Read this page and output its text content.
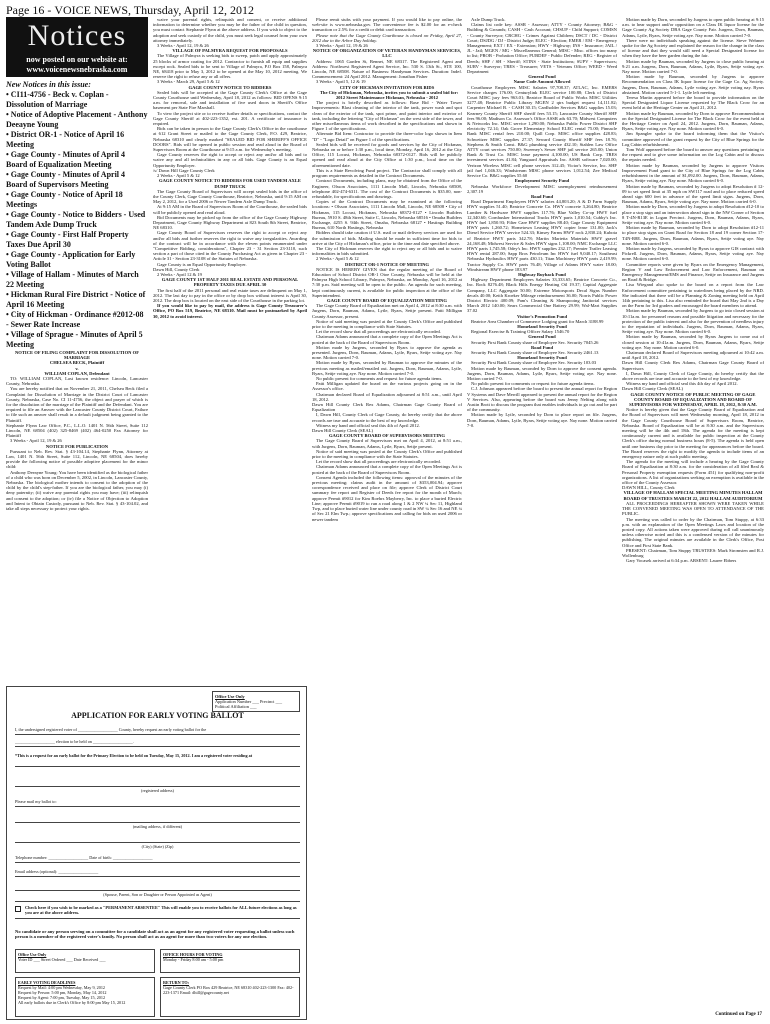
Page 16 - VOICE NEWS, Thursday, April 12, 2012
Notices
now posted on our website at:
www.voicenewsnebraska.com
New Notices in this issue:
• CI11-4756 - Beck v. Coplan - Dissolution of Marriage
• Notice of Adoptive Placement - Anthony Deeayne Young
• District OR-1 - Notice of April 16 Meeting
• Gage County - Minutes of April 4 Board of Equalization Meeting
• Gage County - Minutes of April 4 Board of Supervisors Meeting
• Gage County - Notice of April 18 Meetings
• Gage County - Notice to Bidders - Used Tandem Axle Dump Truck
• Gage County - First Half Property Taxes Due April 30
• Gage County - Application for Early Voting Ballot
• Village of Hallam - Minutes of March 22 Meeting
• Hickman Rural Fire District - Notice of April 16 Meeting
• City of Hickman - Ordinance #2012-08 - Sewer Rate Increase
• Village of Sprague - Minutes of April 5 Meeting

NOTICE OF FILING COMPLAINT FOR DISSOLUTION OF MARRIAGE

CHELSEA BECK, Plaintiff

v.

WILLIAM COPLAN, Defendant

TO: WILLIAM COPLAN, Last known residence: Lincoln, Lancaster County, Nebraska.

You are hereby notified that on November 21, 2011, Chelsea Beck filed a Complaint for Dissolution of Marriage in the District Court of Lancaster County, Nebraska, Case No. CI 11-4756, the object and prayer of which is for the dissolution of the marriage of the Plaintiff and the Defendant. You are required to file an Answer with the Lancaster County District Court, Failure to file such an answer shall result in a default judgment being granted to the Plaintiff.

Stephanie Flynn Law Office, P.C., L.L.O. 1401 N. 56th Street, Suite 112 Lincoln, NE 68504 (402) 325-8469 (402) 464-0250 Fax Attorney for Plaintiff

3 Weeks - April 12, 19 & 26

NOTICE FOR PUBLICATION

Pursuant to Neb. Rev. Stat. § 43-104.14, Stephanie Flynn, Attorney at Law, 1401 N. 56th Street, Suite 112, Lincoln, NE 68504, does hereby provide the following notice of possible adoptive placement for the minor child:

Anthony Deeayne Young: You have been identified as the biological father of a child who was born on December 5, 2002, in Lincoln, Lancaster County, Nebraska. The biological mother intends to consent to the adoption of the child by the child's step-father. If you are the biological father, you may (i) deny paternity; (ii) waive any parental rights you may have; (iii) relinquish and consent to the adoption; or (iv) file a Notice of Objection to Adoption and Intent to Obtain Custody, pursuant to Neb. Rev. Stat. § 43-104.02, and take all steps necessary to protect your rights.

waive your parental rights, relinquish and consent, or receive additional information to determine whether you may be the father of the child in question, you must contact Stephanie Flynn at the above address. If you wish to object to the adoption and seek custody of the child, you must seek legal counsel from your own attorney immediately.

3 Weeks - April 12, 19 & 26

VILLAGE OF PALMYRA REQUEST FOR PROPOSALS

The Village of Palmyra is seeking bids to sweep, patch and apply approximately 25 blocks of armor coating for 2012. Contractor to furnish all equip and supplies except rock. Sealed bids to be sent to Village of Palmyra, P.O Box 158, Palmyra NE, 68418 prior to May 3, 2012 to be opened at the May 10, 2012 meeting. We reserve the right to refuse any or all offers.

3 Weeks - March 29, April 5 & 12

GAGE COUNTY NOTICE TO BIDDERS

Sealed bids will be accepted at the Gage County Clerk's Office at the Gage County Courthouse until Wednesday, April 18, 2012 as follows: BID OPENS 9:15 a.m. for removal, sale and installation of five used doors in Sheriff's Office basement per State Fire Marshall.

To view the project site or to receive further details or specifications, contact the Gage County Sheriff at 402-223-1352, ext. 201. A certificate of insurance is required.

Bids can be taken in person to the Gage County Clerk's Office in the courthouse at 612 Grant Street or mailed to the Gage County Clerk, P.O. 429, Beatrice, Nebraska 68310 and clearly marked "SEALED BID FOR SHERIFF'S OFFICE DOORS". Bids will be opened in public session and read aloud in the Board of Supervisors Room at the Courthouse at 9:15 a.m. for Wednesday's meeting.

Gage County reserves the right to accept or reject any and/or all bids and to waive any and all technicalities in any or all bids. Gage County is an Equal Opportunity Employer.

/s/ Dawn Hill Gage County Clerk

2 Weeks - April 5 & 12

GAGE COUNTY NOTICE TO BIDDERS FOR USED TANDEM AXLE DUMP TRUCK

The Gage County Board of Supervisors will accept sealed bids in the office of the County Clerk, Gage County Courthouse, Beatrice, Nebraska, until 9:15 AM on May 2, 2012, for a Used 2006 or Newer Tandem Axle Dump Truck.

At 9:15 AM in the Board of Supervisors Room of the Courthouse, the sealed bids will be publicly opened and read aloud.

Bid Documents may be picked up from the office of the Gage County Highway Department, Gage County Highway Department at 823 South 8th Street, Beatrice, NE 68310.

Gage County Board of Supervisors reserves the right to accept or reject any and/or all bids and further reserves the right to waive any irregularities. Awarding of the contract will be in accordance with the eleven points enumerated under "Competitive Bidding, considerations", Chapter 23 - 31 Section 23-3110, such section a part of those cited in the County Purchasing Act as given in Chapter 23 - Article 31 - Section 23-3108 of the Statutes of Nebraska.

Gage County is an Equal Opportunity Employer.

Dawn Hill, County Clerk

2 Weeks - April 12 & 19

GAGE COUNTY 1ST HALF 2011 REAL ESTATE AND PERSONAL PROPERTY TAXES DUE APRIL 30

The first half of the 2011 personal and real estate taxes are delinquent on May 1, 2012. The last day to pay in the office or by drop box without interest is April 30, 2012. The drop box is located on the east side of the Courthouse in the parking lot.

If you would like to pay by mail, the address is Gage County Treasurer's Office, PO Box 519, Beatrice, NE 68310. Mail must be postmarked by April 30, 2012 to avoid interest.

Please remit stubs with your payment. If you would like to pay online, the web-site is www.nebraska.gov. The convenience fee is $2.00 for an e-check transaction or 2.5% for a credit or debit card transaction.

Please note that the Gage County Courthouse is closed on Friday, April 27, 2012 due to the Arbor Day holiday.

3 Weeks - April 12, 19 & 26

NOTICE OF ORGANIZATION OF VETERAN HANDYMAN SERVICES, LLC

Address: 1065 Garden St, Bennet, NE 68317. The Registered Agent and Address: Northwest Registered Agent Service, Inc. 530 S. 13th St., STE 100, Lincoln, NE 68508. Nature of Business: Handyman Services. Duration: Indef. Commencement: 24 April 2012. Management: Jonathan Fisher

3 Weeks - April 5, 12 & 19

CITY OF HICKMAN INVITATION FOR BIDS

The City of Hickman, Nebraska, invites you to submit a sealed bid for: 2012 Street Maintenance Hickman, Nebraska - 2012

The project is briefly described as follows: Base Bid - Water Tower Improvements: Blast cleaning of the interior of the tank, power wash and spot clean of the exterior of the tank, spot prime, and paint interior and exterior of tank, including the lettering "City of Hickman" on the west side of the tower, and other miscellaneous items of work described in the specifications and shown in Figure 1 of the specifications.

Alternate Bid Item: Contractor to provide the three-color logo shown in Item "D" - "Logo Detail" on Figure 1 of the specifications.

Sealed bids will be received for goods and services by the City of Hickman, Nebraska on or before 1:30 p.m., local time, Monday, April 16, 2012 at the City Office, 115 Locust, Hickman, Nebraska 68372-0127. Bids will be publicly opened and read aloud at the City Office at 1:30 p.m., local time on the aforementioned date.

This is a State Revolving Fund project. The Contractor shall comply with all program requirements as detailed in the Contract Documents.

Contract Documents, including plans, may be obtained from the Office of the Engineer, Olsson Associates, 1111 Lincoln Mall, Lincoln, Nebraska 68508, telephone 402-474-6311. The cost of the Contract Documents is $35.00, non-refundable, for specifications and drawings.

Copies of the Contract Documents may be examined at the following locations: • Olsson Associates, 1111 Lincoln Mall, Lincoln, NE 68508 • City of Hickman, 115 Locust, Hickman, Nebraska 68372-0127 • Lincoln Builders Bureau, 5910 S. 48th Street, Suite C, Lincoln, Nebraska 68516 • Omaha Builders Exchange, 4255 S. 94th Street, Omaha, Nebraska 68127 • Hastings Building Bureau, 610 North Hastings, Nebraska

Bidders should take caution if U.S. mail or mail delivery services are used for the submission of bids. Mailing should be made in sufficient time for bids to arrive at the City of Hickman's office, prior to the time and date specified above.

The City of Hickman reserves the right to reject any or all bids and to waive informalities in bids submitted.

2 Weeks - April 5 & 12

DISTRICT OR-1 NOTICE OF MEETING

NOTICE IS HEREBY GIVEN that the regular meeting of the Board of Education of School District OR-1 Otoe County, Nebraska will be held at the Palmyra High School Library, Palmyra, Nebraska, on Monday, April 16, 2012 at 7:30 p.m. Said meeting will be open to the public. An agenda for such meeting, kept continuously current, is available for public inspection at the office of the Superintendent.

GAGE COUNTY BOARD OF EQUALIZATION MEETING

The Gage County Board of Equalization met on April 4, 2012 at 8:30 a.m. with Jurgens, Dorn, Bauman, Adams, Lytle, Byars, Settje present. Patti Milligan County Assessor, present.

Notice of said meeting was posted at the County Clerk's Office and published prior to the meeting in compliance with State Statutes.

Let the record show that all proceedings are electronically recorded.

Chairman Adams announced that a complete copy of the Open Meetings Act is posted at the back of the Board of Supervisors Room.

Motion made by Jurgens, seconded by Byars to approve the agenda as presented. Jurgens, Dorn, Bauman, Adams, Lytle, Byars, Settje voting aye. Nay none. Motion carried 7-0.

Motion made by Byars, seconded by Bauman to approve the minutes of the previous meeting as mailed/emailed out. Jurgens, Dorn, Bauman, Adams, Lytle, Byars, Settje voting aye. Nay none. Motion carried 7-0.

No public present for comments and request for future agenda items.

Patti Milligan updated the board on the various projects going on in the Assessor's office.

Chairman declared Board of Equalization adjourned at 8:51 a.m., until April 18, 2012.

Dawn Hill County Clerk Rex Adams, Chairman Gage County Board of Equalization

I, Dawn Hill, County Clerk of Gage County, do hereby certify that the above records are true and accurate to the best of my knowledge.

Witness my hand and official seal this 4th of April 2012.

Dawn Hill County Clerk (SEAL)

GAGE COUNTY BOARD OF SUPERVISORS MEETING

The Gage County Board of Supervisors met on April 4, 2012, at 8:51 a.m., with Jurgens, Dorn, Bauman, Adams, Lytle, Byars, Settje present.

Notice of said meeting was posted at the County Clerk's Office and published prior to the meeting in compliance with the State Statutes.

Let the record show that all proceedings are electronically recorded.

Chairman Adams announced that a complete copy of the Open Meetings Act is posted at the back of the Board of Supervisors Room.

Consent Agenda included the following items: approval of the minutes of the previous meeting; claims audit in the amount of $353,004.94; approve correspondence received and place on file; approve Clerk of District Court summary fee report and Register of Deeds fee report for the month of March; approve Permit #9012 for Kim Roehrs Mayberry, Inc. to place a buried Electric Line; approve Permit #9019 to run a road along 1 & 2 NW ¼ Sec 11, Highland Twp, and to place buried water line under county road in SW ¼ Sec 16 and NE ¼ of Sec 21 Elm Twp.; approve specifications and calling for bids on used 2006 or newer tandem

Axle Dump Truck.

Claims list code key: ASSR - Assessor; ATTY - County Attorney; B&G - Building & Grounds; CASH - Cash Account; CHSUP - Child Support; COMSN - County Surveyor; CRCHG - Crimes Against Children; DSCT / DC - District Court; DSJDG / DJ - District Judge; ELEC - Election; EMER / EM - Emergency Management; EXT / EX - Extension; HWY - Highway; INS - Insurance; JAIL / JL - Jail; MGEN / MG - Miscellaneous General; MISC - Misc. offices too many to list; PROB - Probation Office; PUBDEF - Public Defender; REG - Register of Deeds; SHF / SH - Sheriff; STINS - State Institutions; SUPV - Supervisors; SURV - Surveyor; TRES - Treasurer; VETS - Veterans Office; WEED - Weed Department

General Fund

Name Code Amount Allowed

Courthouse Employees MISC Salaries 97,708.37; ATLAC, Inc. EMERS Service charges 176.00; Centurylink ELEC service 100.88; Clerk of District Court MISC jury fees 963.01; Beatrice Board of Public Works MISC Utilities 3277.48; Beatrice Public Library MGEN 2 qtrs budget request 14,111.82; Carpenter Michael B. - CASH 30.15; Cardholder Services B&G supplies 15.03; Kearney County Sheriff SHF sheriff fees 53.15; Lancaster County Sheriff SHF fees 96.00; Madison Co. Assessor's Office ASSR ads 63.70; Midwest Computers & Networks Inc. MISC service 1,290.00; Nebraska Public Power District SHF electricity 72.14; Oak Grove Elementary School ELEC rental 75.00; Pinnacle Bank MISC rental fees 210.00; Quill Corp. MISC office supplies 428.83; Schweitzer MISC supplies 27.37; Seward County Sheriff SHF fees 18.76; Stephens & Smith Const. B&G plumbing service 432.10; Stahlen Law Office ATTY court services 750.00; Sweeney's Sewer SHF jail service 265.00; Union Bank & Trust Co. MISC lease payment 4,100.00; US Bank Corp. TRES investment services 41.84; Vanguard Appraisals Inc. ASSR software 7,020.00; Verizon Wireless MISC cell phone services 312.45; Victor's Service, Inc. SHF jail fuel 1,046.33; Windstream MISC phone services 1,012.54; Zee Medical Service Co. B&G supplies 55.60

Employment Security Fund

Nebraska Workforce Development MISC unemployment reimbursement 2,307.19

Road Fund

Road Department Employees HWY salaries 44,803.20; A & D Farm Supply HWY supplies 51.40; Beatrice Concrete Co. HWY concrete 3,264.80; Beatrice Lumber & Hardware HWY supplies 117.76; Blue Valley Co-op HWY fuel 12,340.60; Cornhusker International Trucks HWY parts 1,010.54; Cubby's Inc. HWY fuel 1,850.93; Filter Care HWY supplies 88.40; Gage County Equipment HWY parts 1,260.72; Hometown Leasing HWY copier lease 131.00; Jack's Diesel Service HWY service 524.33; Kinsey Farms HWY rock 2,830.24; Kubota of Beatrice HWY parts 342.78; Martin Marietta Materials HWY gravel 24,168.48; Midwest Service & Sales HWY signs 1,108.00; NMC Exchange LLC HWY parts 1,745.58; Odey's Inc. HWY supplies 232.17; Premier Trailer Leasing HWY rental 287.00; Sapp Bros Petroleum Inc HWY fuel 9,040.17; Southeast Nebraska Hydraulics HWY parts 430.11; Titan Machinery HWY parts 2,419.99; Tractor Supply Co. HWY parts 76.48; Village of Adams HWY water 18.00; Windstream HWY phone 183.97

Highway Buyback Fund

Highway Department Employees Salaries 33,333.65; Beatrice Concrete Co., Inc. Rock 8276.48; Black Hills Energy Heating Oil 19.37; Capital Aggregate Company, LLC Aggregate 50.00; Extreme Motorsports Decal Signs Number decals 40.00; Keith Kroeker Mileage reimbursement 36.00; Norris Public Power District Electric 400.09; Pam's Cleaning & Shampooing Janitorial services March 2012 140.00; Sears Commercial One Battery 29.99; Wal-Mart Supplies 37.02

Visitor's Promotion Fund

Beatrice Area Chamber of Commerce Lodging grant for March 3188.99

Homeland Security Fund

Regional Exercise & Training Officer Salary 1546.70

General Fund

Security First Bank County share of Employee Sec. Security 7045.26

Road Fund

Security First Bank County share of Employee Sec. Security 2461.13

Homeland Security Fund

Security First Bank County share of Employee Sec. Security 103.03

Motion made by Bauman, seconded by Dorn to approve the consent agenda. Jurgens, Dorn, Bauman, Adams, Lytle, Byars, Settje voting aye. Nay none. Motion carried 7-0.

No public present for comments or request for future agenda items.

C.J. Johnson appeared before the board to present the annual report for Region V Systems and Dave Merrill appeared to present the annual report for the Region V Services. Also, appearing before the board was Jenny Nelting along with Austin Brott to discuss the program that enables individuals to go out and be part of the community.

Motion made by Lytle, seconded by Dorn to place report on file. Jurgens, Dorn, Bauman, Adams, Lytle, Byars, Settje voting aye. Nay none. Motion carried 7-0.

Motion made by Dorn, seconded by Jurgens to open public hearing at 9:15 a.m. to hear support and/or opposition on a Class IK liquor license for the Gage County Ag Society DBA Gage County Fair. Jurgens, Dorn, Bauman, Adams, Lytle, Byars, Settje voting aye. Nay none. Motion carried 7-0.

There were no individuals speaking against the license. Steve Wehmer spoke for the Ag Society and explained the reason for the change in the class of license and that they would still need a Special Designated license for when they have the beer garden during the fair.

Motion made by Bauman, seconded by Jurgens to close public hearing at 9:21 a.m. Jurgens, Dorn, Bauman, Adams, Lytle, Byars, Settje voting aye. Nay none. Motion carried 7-0.

Motion made by Bauman, seconded by Jurgens to approve Recommendation on Class IK liquor license for the Gage Co. Ag Society. Jurgens, Dorn, Bauman, Adams, Lytle voting aye. Settje voting nay. Byars abstained. Motion carried 5-1-1. Lytle left meeting.

Teresa Martin appeared before the board to provide information on the Special Designated Liquor License requested by The Black Crow for an event held at the Heritage Center on April 21, 2012.

Motion made by Bauman, seconded by Dorn to approve Recommendation on the Special Designated License for The Black Crow for the event held at the Heritage Center on April 24, 2012. Jurgens, Dorn, Bauman, Adams, Byars, Settje voting aye. Nay none. Motion carried 6-0.

Jim Spangler spoke to the board informing them that the Visitor's committee approved of the grant request by the City of Blue Springs for the Log Cabin refurbishment.

Tom Wolf appeared before the board to answer any questions pertaining to the request and to give some information on the Log Cabin and to discuss the repairs needed.

Motion made by Bauman, seconded by Jurgens to approve Visitors Improvement Fund grant to the City of Blue Springs for the Log Cabin refurbishment in the amount of $1,092.00. Jurgens, Dorn, Bauman, Adams, Byars, Settje voting aye. Nay none. Motion carried 6-0.

Motion made by Bauman, seconded by Jurgens to adopt Resolution # 12-09 to set speed limit at 35 mph on SW117 road and to place reduced speed ahead sign 600 feet in advance of the speed limit signs. Jurgens, Dorn, Bauman, Adams, Byars, Settje voting aye. Nay none. Motion carried 6-0.

Motion made by Dorn, seconded by Jurgens to adopt Resolution #12-10 to place a stop sign and an intersection ahead sign in the NW Corner of Section 8 T-4N-R13E in Logan Precinct. Jurgens, Dorn, Bauman, Adams, Byars, Settje voting aye. Nay none. Motion carried 6-0.

Motion made by Bauman, seconded by Dorn to adopt Resolution #12-11 to place stop signs on Grant Road for Section 18 and 19 corner Section 17-T4N-R8E. Jurgens, Dorn, Bauman, Adams, Byars, Settje voting aye. Nay none. Motion carried 6-0.

Motion made by Jurgens, seconded by Byars to approve GIS contract with Pickrell. Jurgens, Dorn, Bauman, Adams, Byars, Settje voting aye. Nay none. Motion carried 6-0.

Committee reports were given by Byars on the Emergency Management, Region V and Law Enforcement and Law Enforcement, Bauman on Emergency Management/EMS and Finance, Settje on Insurance and Jurgens on Road & Bridge.

Lisa Wiegand also spoke to the board on a report from the Law Enforcement committee pertaining to waterlines being placed by the NRD. She indicated that there will be a Planning & Zoning meeting held on April 14th pertaining to this. Lisa also reminded the board that May 2nd is a Day on the Farm for 3rd graders and encouraged the board members to attend.

Motion made by Bauman, seconded by Jurgens to go into closed session at 10:11a.m. for personnel reasons and possible litigation and necessary for the protection of the public interest and also for the prevention of needless injury to the reputation of individuals. Jurgens, Dorn, Bauman, Adams, Byars, Settje voting aye. Nay none. Motion carried 6-0.

Motion made by Bauman, seconded by Byars Jurgens to come out of closed session at 10:41a.m. Jurgens, Dorn, Bauman, Adams, Byars, Settje voting aye. Nay none. Motion carried 6-0.

Chairman declared Board of Supervisors meeting adjourned at 10:42 a.m. until April 18, 2012.

Dawn Hill County Clerk Rex Adams, Chairman Gage County Board of Supervisors

I, Dawn Hill, County Clerk of Gage County, do hereby certify that the above records are true and accurate to the best of my knowledge.

Witness my hand and official seal this 4th day of April 2012.

Dawn Hill County Clerk (SEAL)

GAGE COUNTY NOTICE OF PUBLIC MEETING OF GAGE COUNTY BOARD OF EQUALIZATION AND BOARD OF SUPERVISORS FOR WEDNESDAY, APRIL 18, 2012, 8:30 A.M.

Notice is hereby given that the Gage County Board of Equalization and the Board of Supervisors will meet Wednesday morning, April 18, 2012 in the Gage County Courthouse Board of Supervisors Room, Beatrice, Nebraska. Board of Equalization will be at 8:30 a.m. and the Supervisors meeting will be the 4th and 18th. The agenda for the meeting is kept continuously current and is available for public inspection at the County Clerk's office during normal business hours (8-5). The agenda is held open until one business day prior to the meeting for appearances before the board. The Board reserves the right to modify the agenda to include items of an emergency nature only at such public meeting.

The agenda for the meeting will include a hearing by the Gage County Board of Equalization at 8:30 a.m. for the consideration of all filed Real & Personal Property exemption requests (Form 451) for qualifying non-profit organizations. A list of organizations seeking an exemption is available in the office of the County Assessor.

DAWN HILL, County Clerk

VILLAGE OF HALLAM SPECIAL MEETING MINUTES HALLAM BOARD OF TRUSTEES MARCH 22, 2012 HALLAM AUDITORIUM

ALL PROCEEDINGS HEREAFTER SHOWN WERE TAKEN WHILE THE CONVENED MEETING WAS OPEN TO ATTENDANCE OF THE PUBLIC.

The meeting was called to order by the Chairman, Tom Stuppy, at 6:33 p.m. with an explanation of the Open Meetings Laws and location of the posted copy. All actions taken were approved during roll call unanimously unless otherwise noted and this is a condensed version of the minutes for publishing. The original minutes are available in the Clerk's Office, Post Office and First State Bank.

PRESENT: Chairman, Tom Stuppy TRUSTEES: Mark Stromsten and R.J. Wollenburg

Gary Vocasek arrived at 6:34 p.m. ABSENT: Lauree Ebbers

Office Use Only
Application Number ___ Precinct ___ Political Affiliation ___
APPLICATION FOR EARLY VOTING BALLOT
I, the undersigned registered voter of ___________________ County, hereby request an early voting ballot for the
___________________ election to be held on ___________________.
*This is a request for an early ballot for the Primary Election to be held on Tuesday, May 15, 2012. I am a registered voter residing at
(registered address)
Please mail my ballot to:
(mailing address, if different)
(City) (State) (Zip)
Telephone number: ___________________ Date of birth: ___________________
Email address (optional): ___________________
(Spouse, Parent, Son or Daughter or Person Appointed as Agent)
Check here if you wish to be marked as a "PERMANENT ABSENTEE" This will enable you to receive ballots for ALL future elections as long as you are at the above address.
No candidate or any person serving on a committee for a candidate shall act as an agent for any registered voter requesting a ballot unless such person is a member of the registered voter's family. No person shall act as an agent for more than two voters for any one election.
Office Use Only
Voter ID ___ Street Ordered ___ Date Received ___
OFFICE HOURS FOR VOTING
Monday - Friday 8:00 am - 5:00 pm
EARLY VOTING DEADLINES
Request by Mail: 4:00 pm Wednesday, May 9, 2012
Request by Person: 5:00 pm, Monday, May 14, 2012
Request by Agent: 7:00 pm, Tuesday, May 15, 2012
All early ballots due in Clerk's Office by 8:00 pm May 15, 2012
RETURN TO:
Gage County Clerk PO Box 429 Beatrice, NE 68310 402-223-1300 Fax: 402-223-1371 Email: dhill@gagecounty.net
Continued on Page 17
